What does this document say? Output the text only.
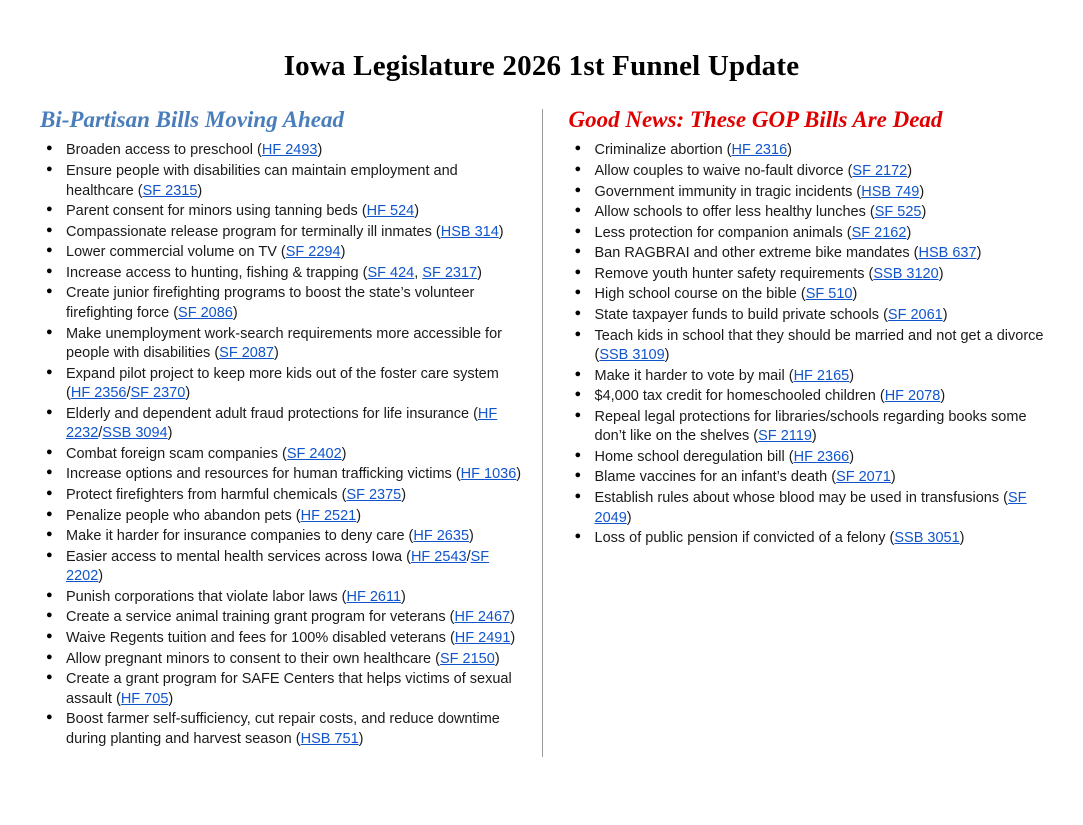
Iowa Legislature 2026 1st Funnel Update
Bi-Partisan Bills Moving Ahead
● Broaden access to preschool (HF 2493)
● Ensure people with disabilities can maintain employment and healthcare (SF 2315)
● Parent consent for minors using tanning beds (HF 524)
● Compassionate release program for terminally ill inmates (HSB 314)
● Lower commercial volume on TV (SF 2294)
● Increase access to hunting, fishing & trapping (SF 424, SF 2317)
● Create junior firefighting programs to boost the state’s volunteer firefighting force (SF 2086)
● Make unemployment work-search requirements more accessible for people with disabilities (SF 2087)
● Expand pilot project to keep more kids out of the foster care system (HF 2356/SF 2370)
● Elderly and dependent adult fraud protections for life insurance (HF 2232/SSB 3094)
● Combat foreign scam companies (SF 2402)
● Increase options and resources for human trafficking victims (HF 1036)
● Protect firefighters from harmful chemicals (SF 2375)
● Penalize people who abandon pets (HF 2521)
● Make it harder for insurance companies to deny care (HF 2635)
● Easier access to mental health services across Iowa (HF 2543/SF 2202)
● Punish corporations that violate labor laws (HF 2611)
● Create a service animal training grant program for veterans (HF 2467)
● Waive Regents tuition and fees for 100% disabled veterans (HF 2491)
● Allow pregnant minors to consent to their own healthcare (SF 2150)
● Create a grant program for SAFE Centers that helps victims of sexual assault (HF 705)
● Boost farmer self-sufficiency, cut repair costs, and reduce downtime during planting and harvest season (HSB 751)
Good News: These GOP Bills Are Dead
● Criminalize abortion (HF 2316)
● Allow couples to waive no-fault divorce (SF 2172)
● Government immunity in tragic incidents (HSB 749)
● Allow schools to offer less healthy lunches (SF 525)
● Less protection for companion animals (SF 2162)
● Ban RAGBRAI and other extreme bike mandates (HSB 637)
● Remove youth hunter safety requirements (SSB 3120)
● High school course on the bible (SF 510)
● State taxpayer funds to build private schools (SF 2061)
● Teach kids in school that they should be married and not get a divorce (SSB 3109)
● Make it harder to vote by mail (HF 2165)
● $4,000 tax credit for homeschooled children (HF 2078)
● Repeal legal protections for libraries/schools regarding books some don’t like on the shelves (SF 2119)
● Home school deregulation bill (HF 2366)
● Blame vaccines for an infant’s death (SF 2071)
● Establish rules about whose blood may be used in transfusions (SF 2049)
● Loss of public pension if convicted of a felony (SSB 3051)
